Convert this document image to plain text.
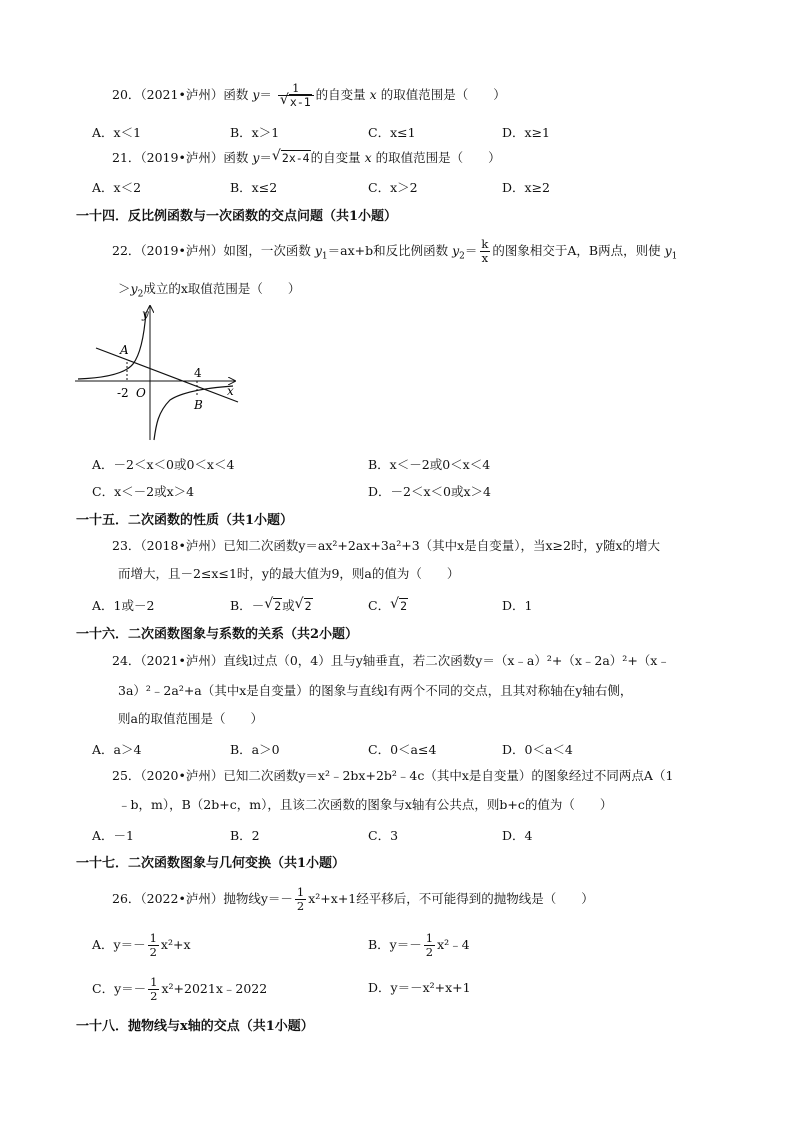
20．（2021•泸州）函数 $y= \frac{1}{√ x-1}$ 的自变量 x 的取值范围是（　　）
A．x＜1	B．x＞1	C．x≤1	D．x≥1
21．（2019•泸州）函数 y＝ √ 2x-4的自变量 x 的取值范围是（　　）
A．x＜2	B．x≤2	C．x＞2	D．x≥2
一十四．反比例函数与一次函数的交点问题（共1小题）
22．（2019•泸州）如图，一次函数 $y_1=ax+b$和反比例函数 $y_2= \frac{k}{x}$ 的图象相交于A，B两点，则使 $y_1$
$>y_2$成立的x取值范围是（　　）
y
x
A
B
O
-2
4
A．－2＜x＜0或0＜x＜4	B．x＜－2或0＜x＜4
C．x＜－2或x＞4	D．－2＜x＜0或x＞4
一十五．二次函数的性质（共1小题）
23．（2018•泸州）已知二次函数y＝ax²+2ax+3a²+3（其中x是自变量），当x≥2时，y随x的增大
而增大，且－2≤x≤1时，y的最大值为9，则a的值为（　　）
A．1或－2	B．－ √ 2或 √ 2	C． √ 2	D．1
一十六．二次函数图象与系数的关系（共2小题）
24．（2021•泸州）直线l过点（0，4）且与y轴垂直，若二次函数y＝（x﹣a）²+（x﹣2a）²+（x﹣
3a）²﹣2a²+a（其中x是自变量）的图象与直线l有两个不同的交点，且其对称轴在y轴右侧，
则a的取值范围是（　　）
A．a＞4	B．a＞0	C．0＜a≤4	D．0＜a＜4
25．（2020•泸州）已知二次函数y＝x²﹣2bx+2b²﹣4c（其中x是自变量）的图象经过不同两点A（1
﹣b，m），B（2b+c，m），且该二次函数的图象与x轴有公共点，则b+c的值为（　　）
A．－1	B．2	C．3	D．4
一十七．二次函数图象与几何变换（共1小题）
26．（2022•泸州）抛物线$y=- \frac{1}{2} x^2+x+1$经平移后，不可能得到的抛物线是（　　）
A．$y=- \frac{1}{2} x^2+x$	B．$y=- \frac{1}{2}$ x²﹣4
C．$y=- \frac{1}{2}$ x²+2021x﹣2022	D．y＝－x²+x+1
一十八．抛物线与x轴的交点（共1小题）
